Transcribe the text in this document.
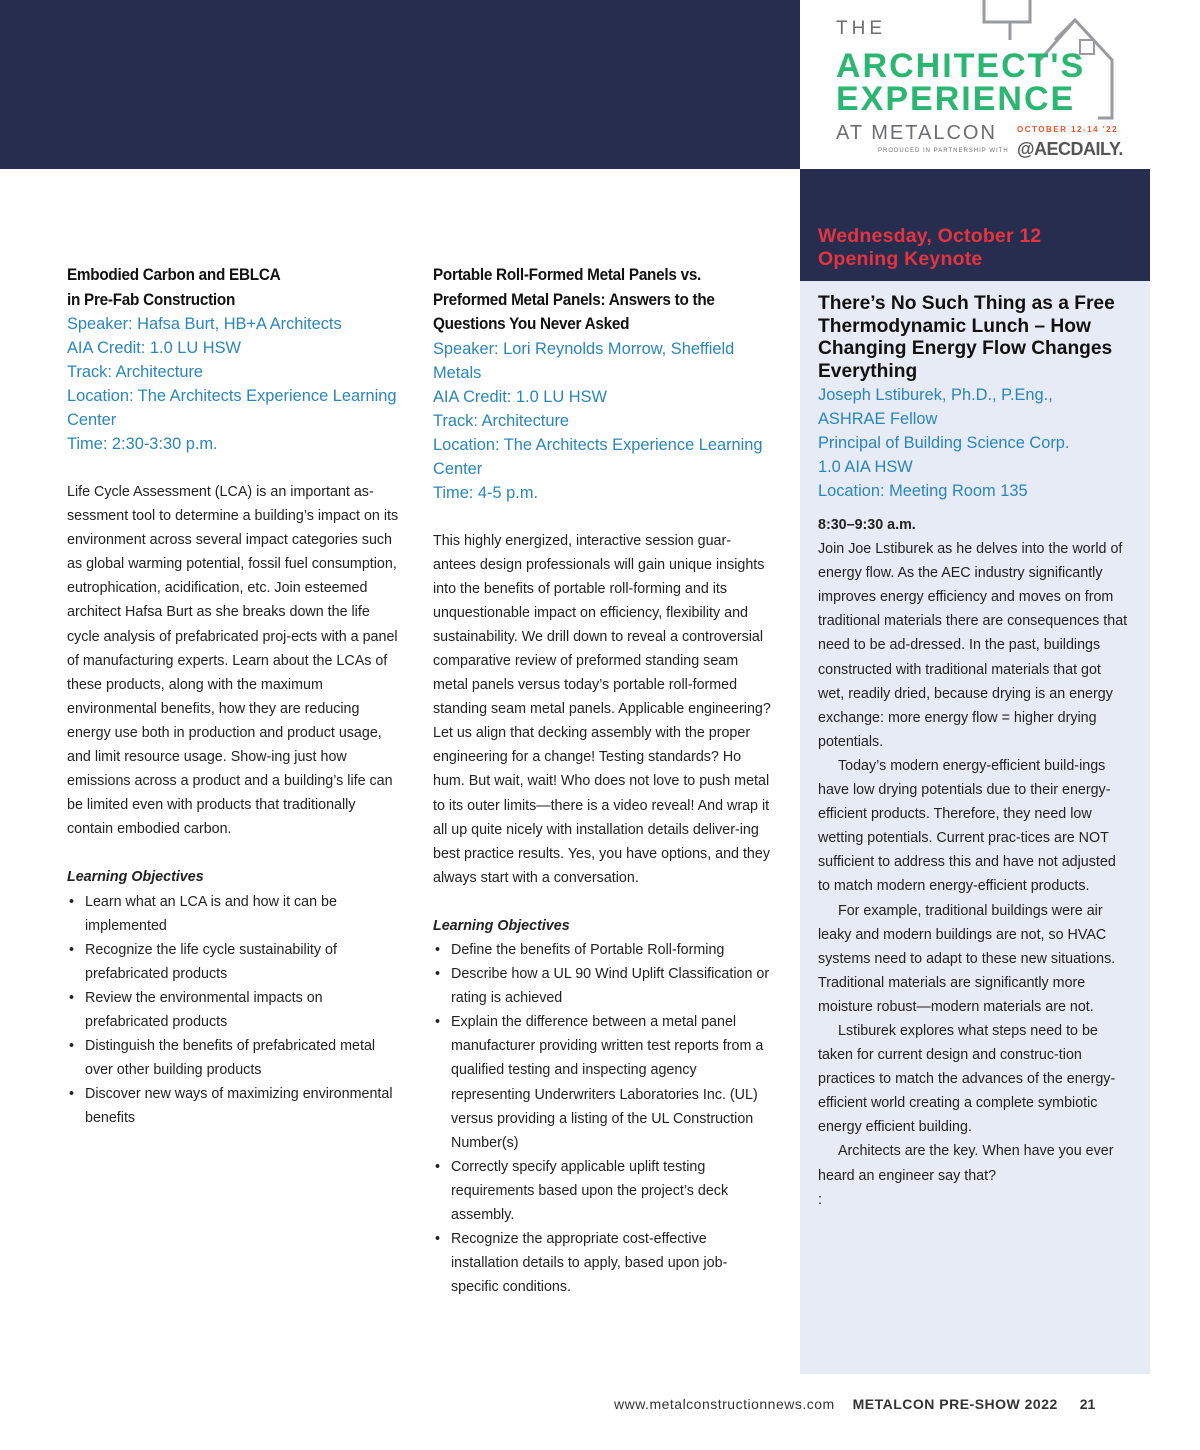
THE
ARCHITECT'S
EXPERIENCE
AT METALCON	OCTOBER 12-14 '22
PRODUCED IN PARTNERSHIP WITH @AECDAILY.
Embodied Carbon and EBLCA
in Pre-Fab Construction
Speaker: Hafsa Burt, HB+A Architects
AIA Credit: 1.0 LU HSW
Track: Architecture
Location: The Architects Experience Learning Center
Time: 2:30-3:30 p.m.

Life Cycle Assessment (LCA) is an important as-sessment tool to determine a building’s impact on its environment across several impact categories such as global warming potential, fossil fuel consumption, eutrophication, acidification, etc. Join esteemed architect Hafsa Burt as she breaks down the life cycle analysis of prefabricated proj-ects with a panel of manufacturing experts. Learn about the LCAs of these products, along with the maximum environmental benefits, how they are reducing energy use both in production and product usage, and limit resource usage. Show-ing just how emissions across a product and a building’s life can be limited even with products that traditionally contain embodied carbon.

Learning Objectives
• Learn what an LCA is and how it can be implemented
• Recognize the life cycle sustainability of prefabricated products
• Review the environmental impacts on prefabricated products
• Distinguish the benefits of prefabricated metal over other building products
• Discover new ways of maximizing environmental benefits
Portable Roll-Formed Metal Panels vs.
Preformed Metal Panels: Answers to the
Questions You Never Asked
Speaker: Lori Reynolds Morrow, Sheffield Metals
AIA Credit: 1.0 LU HSW
Track: Architecture
Location: The Architects Experience Learning Center
Time: 4-5 p.m.

This highly energized, interactive session guar-antees design professionals will gain unique insights into the benefits of portable roll-forming and its unquestionable impact on efficiency, flexibility and sustainability. We drill down to reveal a controversial comparative review of preformed standing seam metal panels versus today’s portable roll-formed standing seam metal panels. Applicable engineering? Let us align that decking assembly with the proper engineering for a change! Testing standards? Ho hum. But wait, wait! Who does not love to push metal to its outer limits—there is a video reveal! And wrap it all up quite nicely with installation details deliver-ing best practice results. Yes, you have options, and they always start with a conversation.

Learning Objectives
• Define the benefits of Portable Roll-forming
• Describe how a UL 90 Wind Uplift Classification or rating is achieved
• Explain the difference between a metal panel manufacturer providing written test reports from a qualified testing and inspecting agency representing Underwriters Laboratories Inc. (UL) versus providing a listing of the UL Construction Number(s)
• Correctly specify applicable uplift testing requirements based upon the project’s deck assembly.
• Recognize the appropriate cost-effective installation details to apply, based upon job-specific conditions.
Wednesday, October 12
Opening Keynote
There’s No Such Thing as a Free Thermodynamic Lunch – How Changing Energy Flow Changes Everything
Joseph Lstiburek, Ph.D., P.Eng.,
ASHRAE Fellow
Principal of Building Science Corp.
1.0 AIA HSW
Location: Meeting Room 135
8:30–9:30 a.m.

Join Joe Lstiburek as he delves into the world of energy flow. As the AEC industry significantly improves energy efficiency and moves on from traditional materials there are consequences that need to be ad-dressed. In the past, buildings constructed with traditional materials that got wet, readily dried, because drying is an energy exchange: more energy flow = higher drying potentials.

Today’s modern energy-efficient build-ings have low drying potentials due to their energy-efficient products. Therefore, they need low wetting potentials. Current prac-tices are NOT sufficient to address this and have not adjusted to match modern energy-efficient products.

For example, traditional buildings were air leaky and modern buildings are not, so HVAC systems need to adapt to these new situations. Traditional materials are significantly more moisture robust—modern materials are not.

Lstiburek explores what steps need to be taken for current design and construc-tion practices to match the advances of the energy-efficient world creating a complete symbiotic energy efficient building.

Architects are the key. When have you ever heard an engineer say that?

:

www.metalconstructionnews.com METALCON PRE-SHOW 2022 21
